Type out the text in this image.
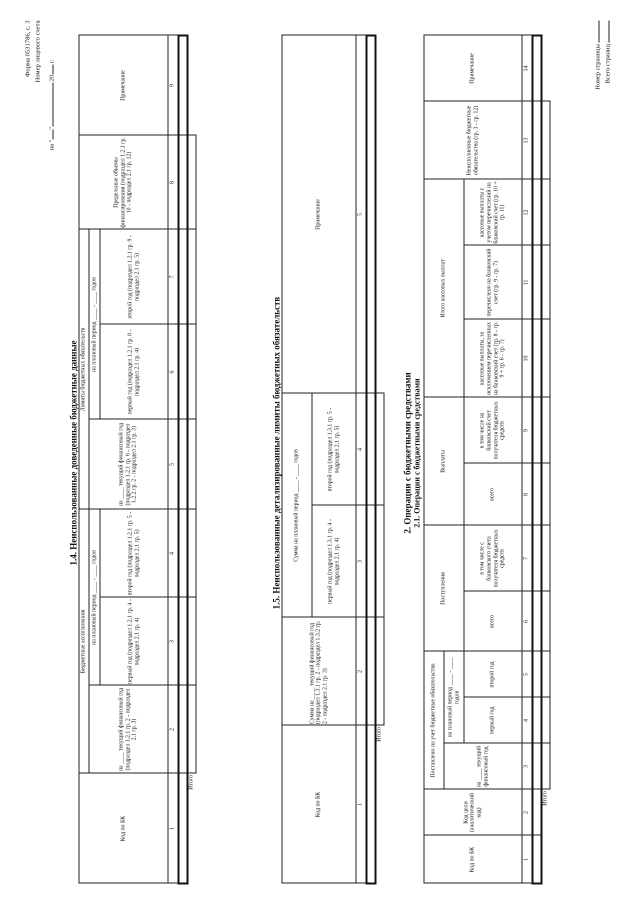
Форма 0531786, с. 3 Номер лицевого счета
на "" 20 г.
1.4. Неиспользованные доведенные бюджетные данные
Код по БК	Бюджетные ассигнования			Лимиты бюджетных обязательств			Предельные объемы финансирования (подраздел 1.2.1 гр. 10 - подраздел 2.1 гр. 12)	Примечание
	на ____ текущий финансовый год (подраздел 1.2.1 гр. 2 - подраздел 2.1 гр. 3)	на плановый период ____ - ____ годов		на ____ текущий финансовый год (подраздел 1.2.1 гр. 6 - подраздел 1.2.2 гр. 2 - подраздел 2.1 гр. 3)	на плановый период ____ - ____ годов			
		первый год (подраздел 1.2.1 гр. 4 - подраздел 2.1 гр. 4)	второй год (подраздел 1.2.1 гр. 5 - подраздел 2.1 гр. 5)		первый год (подраздел 1.2.1 гр. 8 - подраздел 2.1 гр. 4)	второй год (подраздел 1.2.1 гр. 9 - подраздел 2.1 гр. 5)		
1	2	3	4	5	6	7	8	9

Итого								
1.5. Неиспользованные детализированные лимиты бюджетных обязательств
Код по БК	Сумма на ____ текущий финансовый год (подраздел 1.3.1 гр. 2 - подраздел 1.3.2 гр. 2 - подраздел 2.1 гр. 3)	Сумма на плановый период ____ - ____ годов		Примечание
		первый год (подраздел 1.3.1 гр. 4 - подраздел 2.1 гр. 4)	второй год (подраздел 1.3.1 гр. 5 - подраздел 2.1 гр. 5)	
1	2	3	4	5

Итого				
2. Операции с бюджетными средствами 2.1. Операции с бюджетными средствами
Код по БК	Код цели (аналитический код)	Поставлено на учет бюджетные обязательства			Поступления		Выплаты		Итого кассовых выплат			Неисполненные бюджетные обязательства (гр. 3 - гр. 12)	Примечание

		на ____ текущий финансовый год	на плановый период ____ - ____ годов										
			первый год	второй год	всего	в том числе с банковского счета получателя бюджетных средств	всего	в том числе на банковский счет получателя бюджетных средств	кассовые выплаты, за исключением перечисленных на банковский счет (гр. 8 - гр. 9 + гр. 6 - гр. 7)	перечислено на банковский счет (гр. 9 - гр. 7)	кассовые выплаты с учетом перечислений на банковский счет (гр. 10 + гр. 11)		
1	2	3	4	5	6	7	8	9	10	11	12	13	14

Итого													
Номер страницы Всего страниц
